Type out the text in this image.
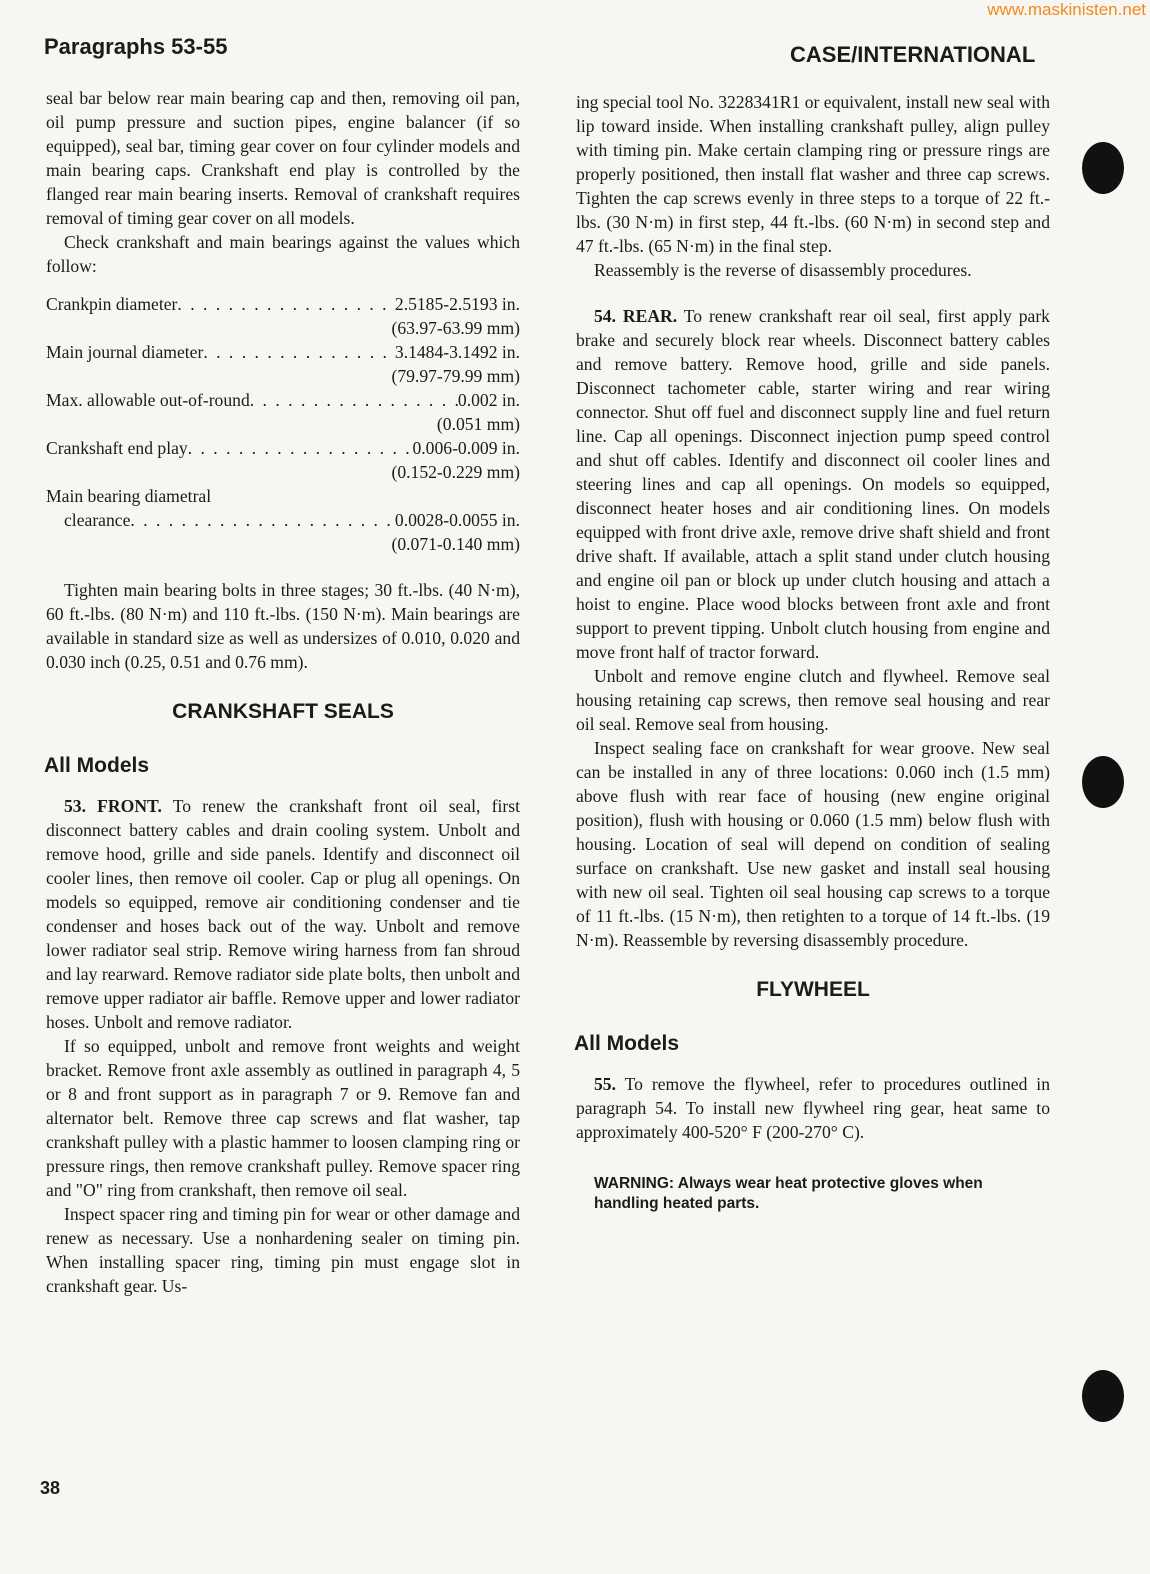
www.maskinisten.net
Paragraphs 53-55	CASE/INTERNATIONAL

seal bar below rear main bearing cap and then, removing oil pan, oil pump pressure and suction pipes, engine balancer (if so equipped), seal bar, timing gear cover on four cylinder models and main bearing caps. Crankshaft end play is controlled by the flanged rear main bearing inserts. Removal of crankshaft requires removal of timing gear cover on all models.

Check crankshaft and main bearings against the values which follow:

Crankpin diameter . . .	2.5185-2.5193 in.
(63.97-63.99 mm)
Main journal diameter . . .	3.1484-3.1492 in.
(79.97-79.99 mm)
Max. allowable out-of-round . . .	0.002 in.
(0.051 mm)
Crankshaft end play . . .	0.006-0.009 in.
(0.152-0.229 mm)
Main bearing diametral
clearance . . .	0.0028-0.0055 in.
(0.071-0.140 mm)

Tighten main bearing bolts in three stages; 30 ft.-lbs. (40 N·m), 60 ft.-lbs. (80 N·m) and 110 ft.-lbs. (150 N·m). Main bearings are available in standard size as well as undersizes of 0.010, 0.020 and 0.030 inch (0.25, 0.51 and 0.76 mm).

CRANKSHAFT SEALS
All Models

53. FRONT. To renew the crankshaft front oil seal, first disconnect battery cables and drain cooling system. Unbolt and remove hood, grille and side panels. Identify and disconnect oil cooler lines, then remove oil cooler. Cap or plug all openings. On models so equipped, remove air conditioning condenser and tie condenser and hoses back out of the way. Unbolt and remove lower radiator seal strip. Remove wiring harness from fan shroud and lay rearward. Remove radiator side plate bolts, then unbolt and remove upper radiator air baffle. Remove upper and lower radiator hoses. Unbolt and remove radiator.

If so equipped, unbolt and remove front weights and weight bracket. Remove front axle assembly as outlined in paragraph 4, 5 or 8 and front support as in paragraph 7 or 9. Remove fan and alternator belt. Remove three cap screws and flat washer, tap crankshaft pulley with a plastic hammer to loosen clamping ring or pressure rings, then remove crankshaft pulley. Remove spacer ring and "O" ring from crankshaft, then remove oil seal.

Inspect spacer ring and timing pin for wear or other damage and renew as necessary. Use a nonhardening sealer on timing pin. When installing spacer ring, timing pin must engage slot in crankshaft gear. Us-

ing special tool No. 3228341R1 or equivalent, install new seal with lip toward inside. When installing crankshaft pulley, align pulley with timing pin. Make certain clamping ring or pressure rings are properly positioned, then install flat washer and three cap screws. Tighten the cap screws evenly in three steps to a torque of 22 ft.-lbs. (30 N·m) in first step, 44 ft.-lbs. (60 N·m) in second step and 47 ft.-lbs. (65 N·m) in the final step.

Reassembly is the reverse of disassembly procedures.

54. REAR. To renew crankshaft rear oil seal, first apply park brake and securely block rear wheels. Disconnect battery cables and remove battery. Remove hood, grille and side panels. Disconnect tachometer cable, starter wiring and rear wiring connector. Shut off fuel and disconnect supply line and fuel return line. Cap all openings. Disconnect injection pump speed control and shut off cables. Identify and disconnect oil cooler lines and steering lines and cap all openings. On models so equipped, disconnect heater hoses and air conditioning lines. On models equipped with front drive axle, remove drive shaft shield and front drive shaft. If available, attach a split stand under clutch housing and engine oil pan or block up under clutch housing and attach a hoist to engine. Place wood blocks between front axle and front support to prevent tipping. Unbolt clutch housing from engine and move front half of tractor forward.

Unbolt and remove engine clutch and flywheel. Remove seal housing retaining cap screws, then remove seal housing and rear oil seal. Remove seal from housing.

Inspect sealing face on crankshaft for wear groove. New seal can be installed in any of three locations: 0.060 inch (1.5 mm) above flush with rear face of housing (new engine original position), flush with housing or 0.060 (1.5 mm) below flush with housing. Location of seal will depend on condition of sealing surface on crankshaft. Use new gasket and install seal housing with new oil seal. Tighten oil seal housing cap screws to a torque of 11 ft.-lbs. (15 N·m), then retighten to a torque of 14 ft.-lbs. (19 N·m). Reassemble by reversing disassembly procedure.

FLYWHEEL
All Models

55. To remove the flywheel, refer to procedures outlined in paragraph 54. To install new flywheel ring gear, heat same to approximately 400-520° F (200-270° C).

WARNING: Always wear heat protective gloves when handling heated parts.
38
